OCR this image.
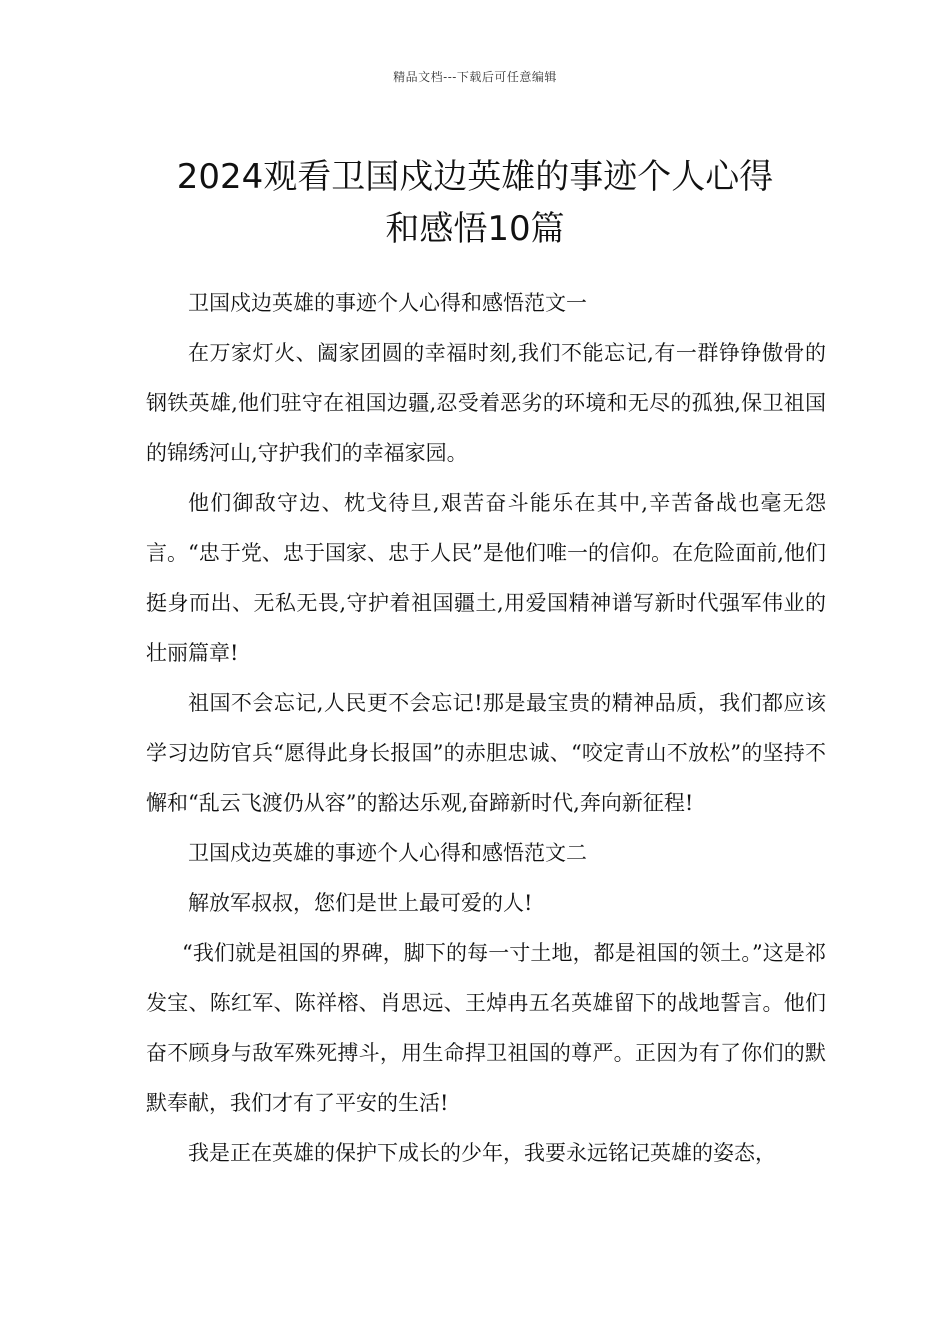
精品文档---下载后可任意编辑
2024观看卫国戍边英雄的事迹个人心得
和感悟10篇

卫国戍边英雄的事迹个人心得和感悟范文一

在万家灯火、阖家团圆的幸福时刻,我们不能忘记,有一群铮铮傲骨的钢铁英雄,他们驻守在祖国边疆,忍受着恶劣的环境和无尽的孤独,保卫祖国的锦绣河山,守护我们的幸福家园。

他们御敌守边、枕戈待旦,艰苦奋斗能乐在其中,辛苦备战也毫无怨言。“忠于党、忠于国家、忠于人民”是他们唯一的信仰。在危险面前,他们挺身而出、无私无畏,守护着祖国疆土,用爱国精神谱写新时代强军伟业的壮丽篇章!

祖国不会忘记,人民更不会忘记!那是最宝贵的精神品质，我们都应该学习边防官兵“愿得此身长报国”的赤胆忠诚、“咬定青山不放松”的坚持不懈和“乱云飞渡仍从容”的豁达乐观,奋蹄新时代,奔向新征程!

卫国戍边英雄的事迹个人心得和感悟范文二

解放军叔叔，您们是世上最可爱的人!

“我们就是祖国的界碑，脚下的每一寸土地，都是祖国的领土。”这是祁发宝、陈红军、陈祥榕、肖思远、王焯冉五名英雄留下的战地誓言。他们奋不顾身与敌军殊死搏斗，用生命捍卫祖国的尊严。正因为有了你们的默默奉献，我们才有了平安的生活!

我是正在英雄的保护下成长的少年，我要永远铭记英雄的姿态，
